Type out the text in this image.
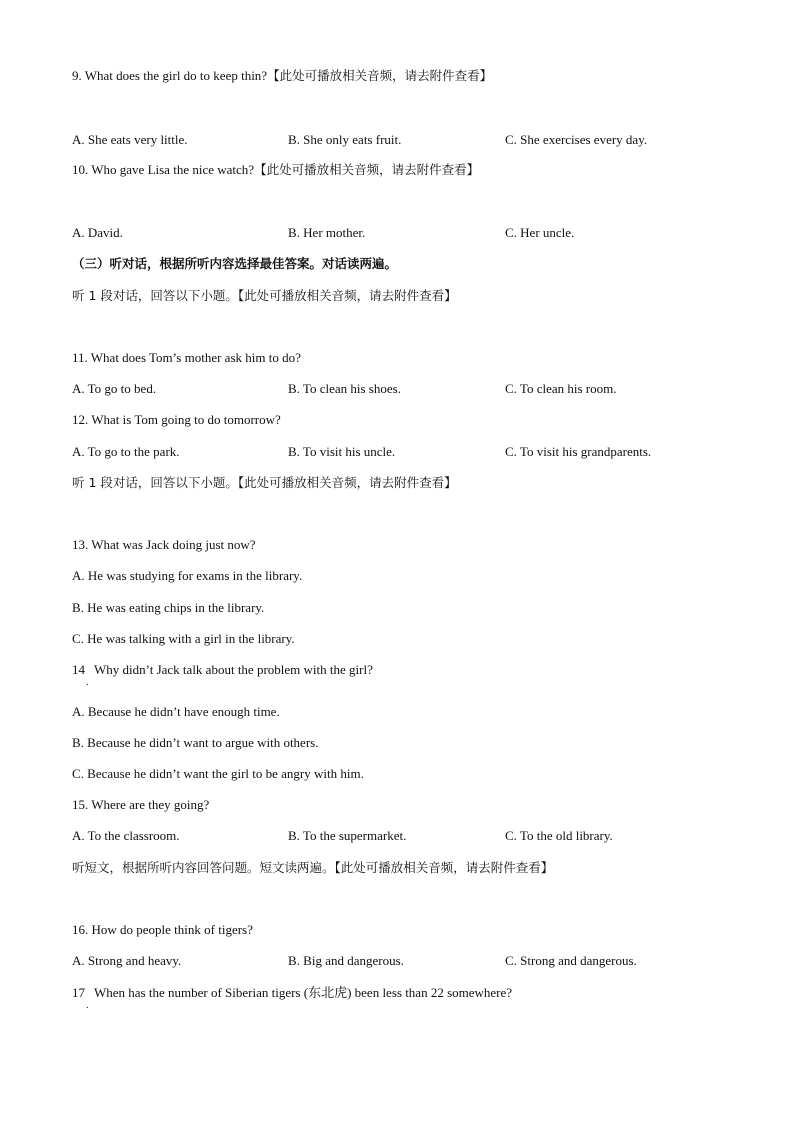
9. What does the girl do to keep thin?【此处可播放相关音频，请去附件查看】
A. She eats very little.	B. She only eats fruit.	C. She exercises every day.
10. Who gave Lisa the nice watch?【此处可播放相关音频，请去附件查看】
A. David.	B. Her mother.	C. Her uncle.
（三）听对话，根据所听内容选择最佳答案。对话读两遍。
听 1 段对话，回答以下小题。【此处可播放相关音频，请去附件查看】
11. What does Tom’s mother ask him to do?
A. To go to bed.	B. To clean his shoes.	C. To clean his room.
12. What is Tom going to do tomorrow?
A. To go to the park.	B. To visit his uncle.	C. To visit his grandparents.
听 1 段对话，回答以下小题。【此处可播放相关音频，请去附件查看】
13. What was Jack doing just now?
A. He was studying for exams in the library.
B. He was eating chips in the library.
C. He was talking with a girl in the library.
14 Why didn’t Jack talk about the problem with the girl?
.
A. Because he didn’t have enough time.
B. Because he didn’t want to argue with others.
C. Because he didn’t want the girl to be angry with him.
15. Where are they going?
A. To the classroom.	B. To the supermarket.	C. To the old library.
听短文，根据所听内容回答问题。短文读两遍。【此处可播放相关音频，请去附件查看】
16. How do people think of tigers?
A. Strong and heavy.	B. Big and dangerous.	C. Strong and dangerous.
17 When has the number of Siberian tigers (东北虎) been less than 22 somewhere?
.
